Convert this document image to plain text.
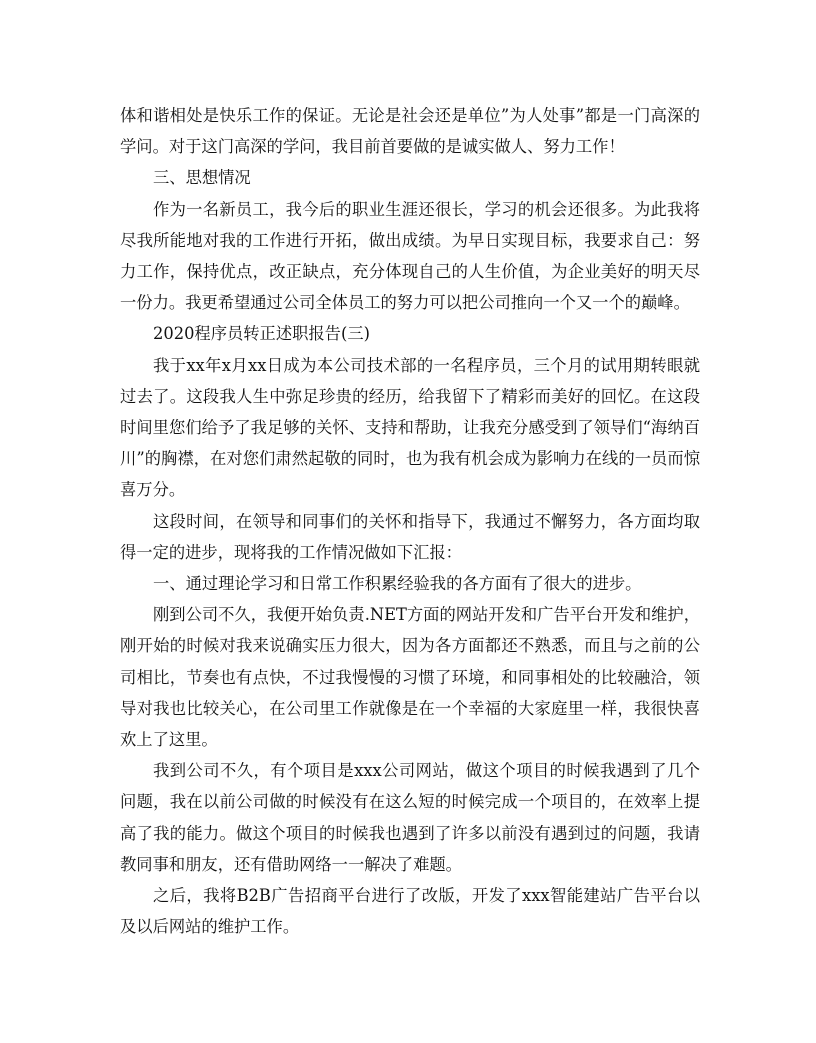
体和谐相处是快乐工作的保证。无论是社会还是单位”为人处事”都是一门高深的学问。对于这门高深的学问，我目前首要做的是诚实做人、努力工作！

三、思想情况

作为一名新员工，我今后的职业生涯还很长，学习的机会还很多。为此我将尽我所能地对我的工作进行开拓，做出成绩。为早日实现目标，我要求自己：努力工作，保持优点，改正缺点，充分体现自己的人生价值，为企业美好的明天尽一份力。我更希望通过公司全体员工的努力可以把公司推向一个又一个的巅峰。

2020程序员转正述职报告(三)

我于xx年x月xx日成为本公司技术部的一名程序员，三个月的试用期转眼就过去了。这段我人生中弥足珍贵的经历，给我留下了精彩而美好的回忆。在这段时间里您们给予了我足够的关怀、支持和帮助，让我充分感受到了领导们“海纳百川”的胸襟，在对您们肃然起敬的同时，也为我有机会成为影响力在线的一员而惊喜万分。

这段时间，在领导和同事们的关怀和指导下，我通过不懈努力，各方面均取得一定的进步，现将我的工作情况做如下汇报：

一、通过理论学习和日常工作积累经验我的各方面有了很大的进步。

刚到公司不久，我便开始负责.NET方面的网站开发和广告平台开发和维护，刚开始的时候对我来说确实压力很大，因为各方面都还不熟悉，而且与之前的公司相比，节奏也有点快，不过我慢慢的习惯了环境，和同事相处的比较融洽，领导对我也比较关心，在公司里工作就像是在一个幸福的大家庭里一样，我很快喜欢上了这里。

我到公司不久，有个项目是xxx公司网站，做这个项目的时候我遇到了几个问题，我在以前公司做的时候没有在这么短的时候完成一个项目的，在效率上提高了我的能力。做这个项目的时候我也遇到了许多以前没有遇到过的问题，我请教同事和朋友，还有借助网络一一解决了难题。

之后，我将B2B广告招商平台进行了改版，开发了xxx智能建站广告平台以及以后网站的维护工作。
